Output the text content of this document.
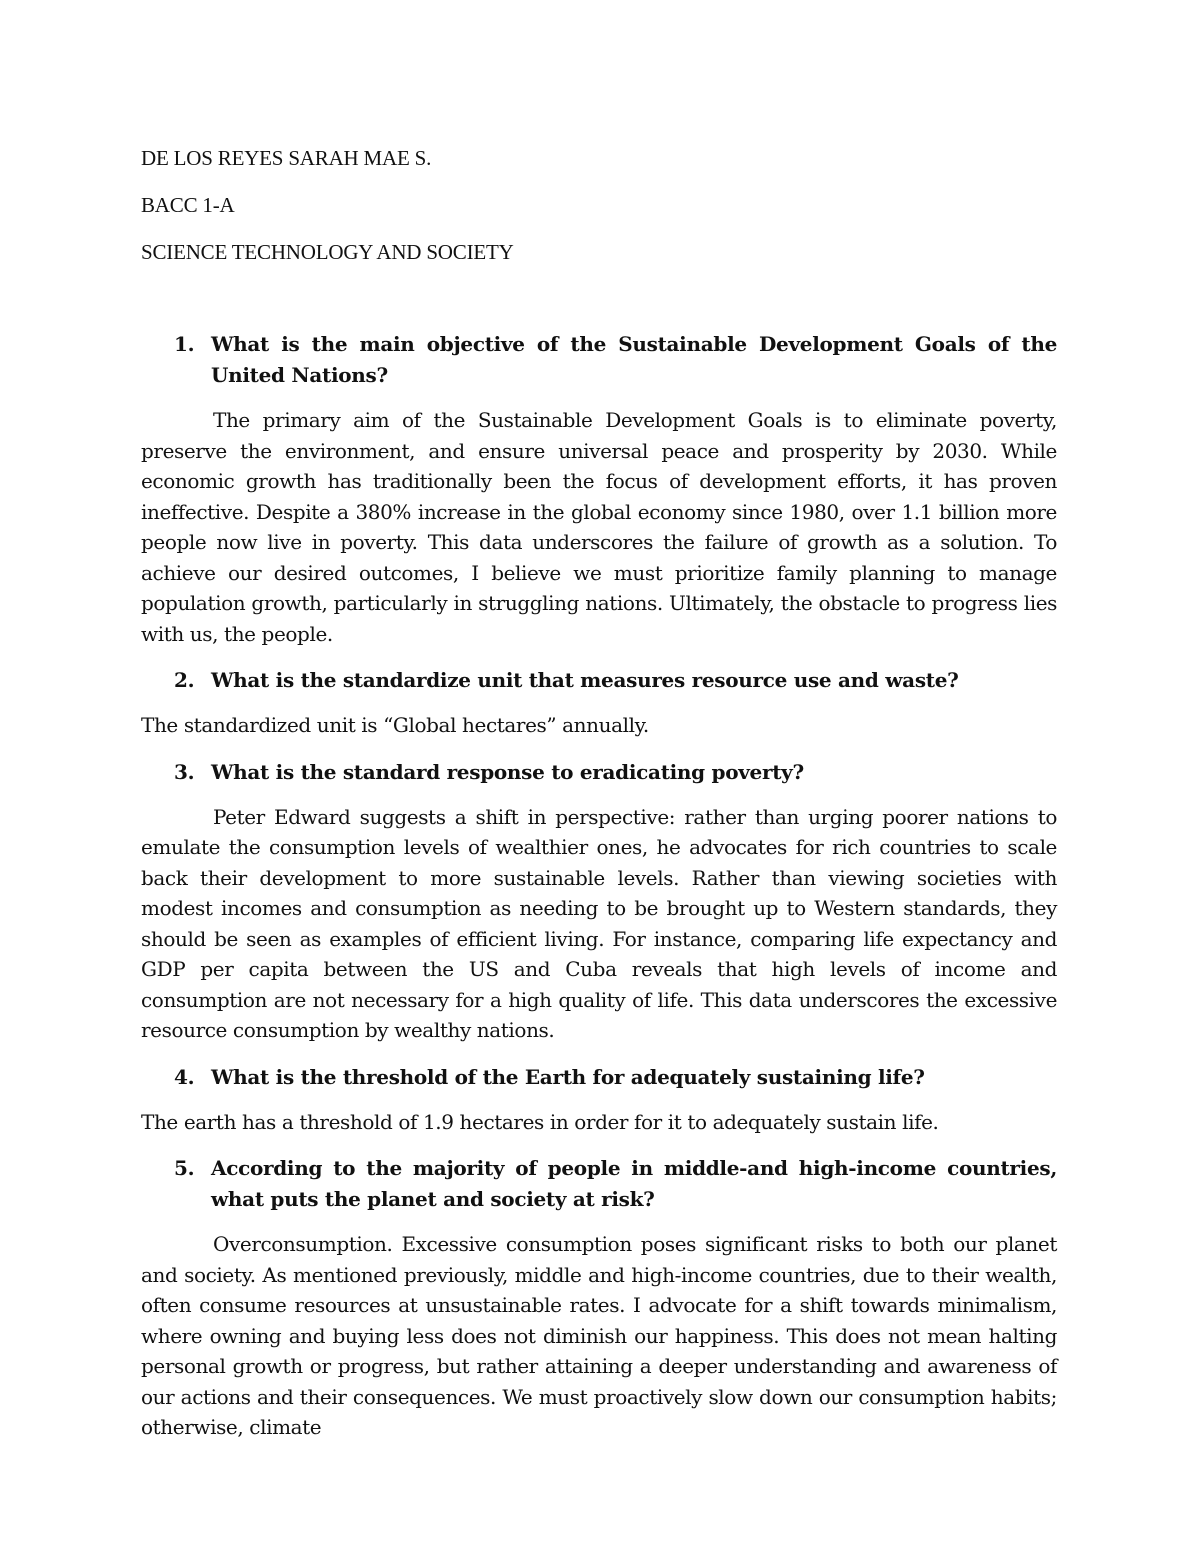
DE LOS REYES SARAH MAE S.
BACC 1-A
SCIENCE TECHNOLOGY AND SOCIETY
1. What is the main objective of the Sustainable Development Goals of the United Nations?

The primary aim of the Sustainable Development Goals is to eliminate poverty, preserve the environment, and ensure universal peace and prosperity by 2030. While economic growth has traditionally been the focus of development efforts, it has proven ineffective. Despite a 380% increase in the global economy since 1980, over 1.1 billion more people now live in poverty. This data underscores the failure of growth as a solution. To achieve our desired outcomes, I believe we must prioritize family planning to manage population growth, particularly in struggling nations. Ultimately, the obstacle to progress lies with us, the people.

2. What is the standardize unit that measures resource use and waste?

The standardized unit is “Global hectares” annually.

3. What is the standard response to eradicating poverty?

Peter Edward suggests a shift in perspective: rather than urging poorer nations to emulate the consumption levels of wealthier ones, he advocates for rich countries to scale back their development to more sustainable levels. Rather than viewing societies with modest incomes and consumption as needing to be brought up to Western standards, they should be seen as examples of efficient living. For instance, comparing life expectancy and GDP per capita between the US and Cuba reveals that high levels of income and consumption are not necessary for a high quality of life. This data underscores the excessive resource consumption by wealthy nations.

4. What is the threshold of the Earth for adequately sustaining life?

The earth has a threshold of 1.9 hectares in order for it to adequately sustain life.

5. According to the majority of people in middle-and high-income countries, what puts the planet and society at risk?

Overconsumption. Excessive consumption poses significant risks to both our planet and society. As mentioned previously, middle and high-income countries, due to their wealth, often consume resources at unsustainable rates. I advocate for a shift towards minimalism, where owning and buying less does not diminish our happiness. This does not mean halting personal growth or progress, but rather attaining a deeper understanding and awareness of our actions and their consequences. We must proactively slow down our consumption habits; otherwise, climate
